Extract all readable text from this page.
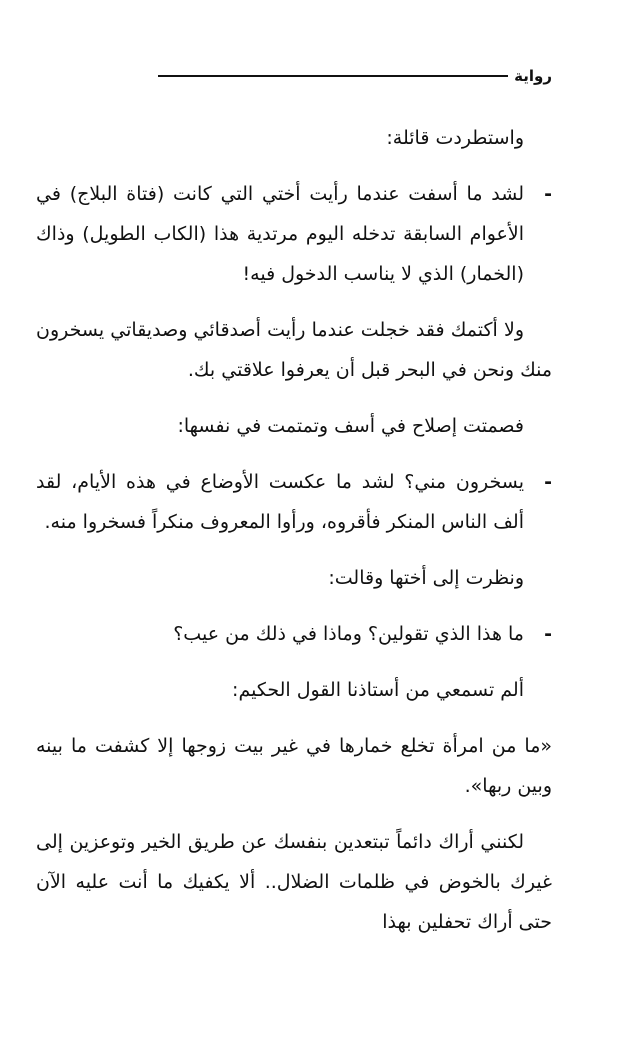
رواية

واستطردت قائلة:

-
لشد ما أسفت عندما رأيت أختي التي كانت (فتاة البلاج) في الأعوام السابقة تدخله اليوم مرتدية هذا (الكاب الطويل) وذاك (الخمار) الذي لا يناسب الدخول فيه!

ولا أكتمك فقد خجلت عندما رأيت أصدقائي وصديقاتي يسخرون منك ونحن في البحر قبل أن يعرفوا علاقتي بك.

فصمتت إصلاح في أسف وتمتمت في نفسها:

-
يسخرون مني؟ لشد ما عكست الأوضاع في هذه الأيام، لقد ألف الناس المنكر فأقروه، ورأوا المعروف منكراً فسخروا منه.

ونظرت إلى أختها وقالت:

-
ما هذا الذي تقولين؟ وماذا في ذلك من عيب؟

ألم تسمعي من أستاذنا القول الحكيم:

«ما من امرأة تخلع خمارها في غير بيت زوجها إلا كشفت ما بينه وبين ربها».

لكنني أراك دائماً تبتعدين بنفسك عن طريق الخير وتوعزين إلى غيرك بالخوض في ظلمات الضلال.. ألا يكفيك ما أنت عليه الآن حتى أراك تحفلين بهذا
